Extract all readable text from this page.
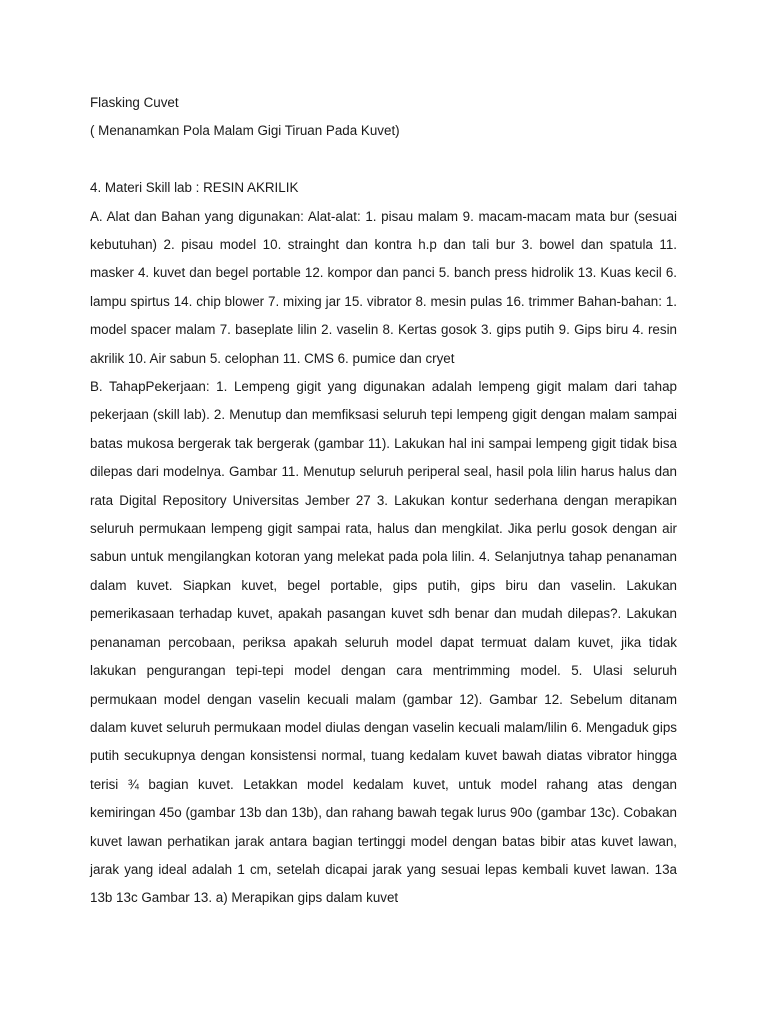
Flasking Cuvet

( Menanamkan Pola Malam Gigi Tiruan Pada Kuvet)

4. Materi Skill lab : RESIN AKRILIK

A. Alat dan Bahan yang digunakan: Alat-alat: 1. pisau malam 9. macam-macam mata bur (sesuai kebutuhan) 2. pisau model 10. strainght dan kontra h.p dan tali bur 3. bowel dan spatula 11. masker 4. kuvet dan begel portable 12. kompor dan panci 5. banch press hidrolik 13. Kuas kecil 6. lampu spirtus 14. chip blower 7. mixing jar 15. vibrator 8. mesin pulas 16. trimmer Bahan-bahan: 1. model spacer malam 7. baseplate lilin 2. vaselin 8. Kertas gosok 3. gips putih 9. Gips biru 4. resin akrilik 10. Air sabun 5. celophan 11. CMS 6. pumice dan cryet

B. TahapPekerjaan: 1. Lempeng gigit yang digunakan adalah lempeng gigit malam dari tahap pekerjaan (skill lab). 2. Menutup dan memfiksasi seluruh tepi lempeng gigit dengan malam sampai batas mukosa bergerak tak bergerak (gambar 11). Lakukan hal ini sampai lempeng gigit tidak bisa dilepas dari modelnya. Gambar 11. Menutup seluruh periperal seal, hasil pola lilin harus halus dan rata Digital Repository Universitas Jember 27 3. Lakukan kontur sederhana dengan merapikan seluruh permukaan lempeng gigit sampai rata, halus dan mengkilat. Jika perlu gosok dengan air sabun untuk mengilangkan kotoran yang melekat pada pola lilin. 4. Selanjutnya tahap penanaman dalam kuvet. Siapkan kuvet, begel portable, gips putih, gips biru dan vaselin. Lakukan pemerikasaan terhadap kuvet, apakah pasangan kuvet sdh benar dan mudah dilepas?. Lakukan penanaman percobaan, periksa apakah seluruh model dapat termuat dalam kuvet, jika tidak lakukan pengurangan tepi-tepi model dengan cara mentrimming model. 5. Ulasi seluruh permukaan model dengan vaselin kecuali malam (gambar 12). Gambar 12. Sebelum ditanam dalam kuvet seluruh permukaan model diulas dengan vaselin kecuali malam/lilin 6. Mengaduk gips putih secukupnya dengan konsistensi normal, tuang kedalam kuvet bawah diatas vibrator hingga terisi ¾ bagian kuvet. Letakkan model kedalam kuvet, untuk model rahang atas dengan kemiringan 45o (gambar 13b dan 13b), dan rahang bawah tegak lurus 90o (gambar 13c). Cobakan kuvet lawan perhatikan jarak antara bagian tertinggi model dengan batas bibir atas kuvet lawan, jarak yang ideal adalah 1 cm, setelah dicapai jarak yang sesuai lepas kembali kuvet lawan. 13a 13b 13c Gambar 13. a) Merapikan gips dalam kuvet
